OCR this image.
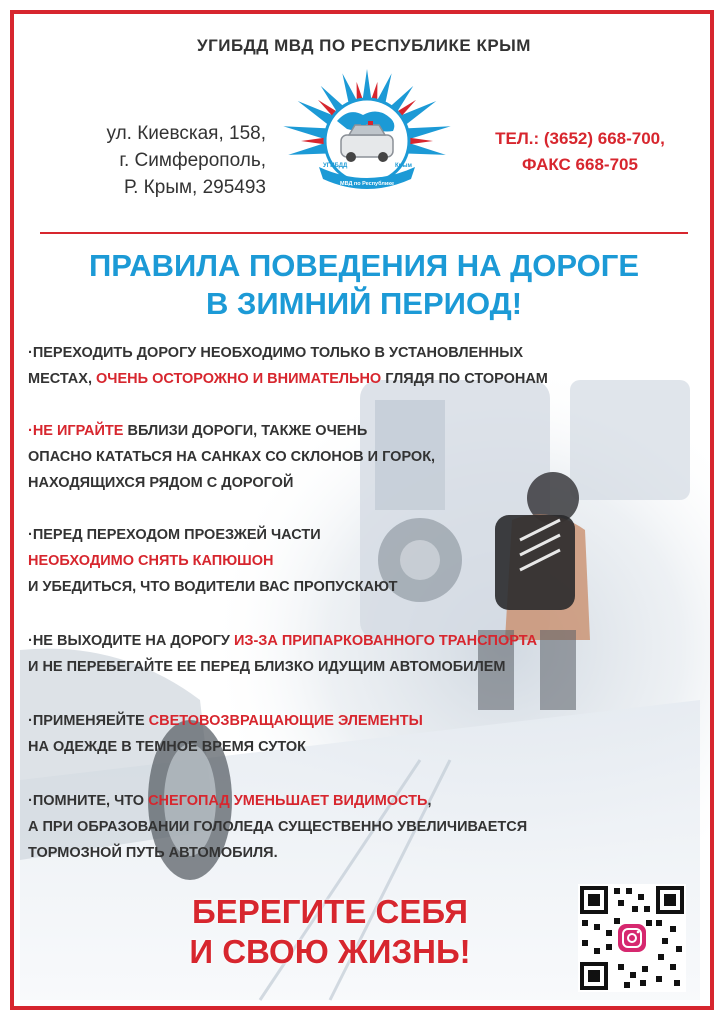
УГИБДД МВД ПО РЕСПУБЛИКЕ КРЫМ
ул. Киевская, 158,
г. Симферополь,
Р. Крым, 295493
УГИБДД
МВД по Республике
Крым
ТЕЛ.: (3652) 668-700,
ФАКС 668-705
ПРАВИЛА ПОВЕДЕНИЯ НА ДОРОГЕ
В ЗИМНИЙ ПЕРИОД!

·ПЕРЕХОДИТЬ ДОРОГУ НЕОБХОДИМО ТОЛЬКО В УСТАНОВЛЕННЫХ

МЕСТАХ, ОЧЕНЬ ОСТОРОЖНО И ВНИМАТЕЛЬНО ГЛЯДЯ ПО СТОРОНАМ

·НЕ ИГРАЙТЕ ВБЛИЗИ ДОРОГИ, ТАКЖЕ ОЧЕНЬ

ОПАСНО КАТАТЬСЯ НА САНКАХ СО СКЛОНОВ И ГОРОК,

НАХОДЯЩИХСЯ РЯДОМ С ДОРОГОЙ

·ПЕРЕД ПЕРЕХОДОМ ПРОЕЗЖЕЙ ЧАСТИ

НЕОБХОДИМО СНЯТЬ КАПЮШОН

И УБЕДИТЬСЯ, ЧТО ВОДИТЕЛИ ВАС ПРОПУСКАЮТ

·НЕ ВЫХОДИТЕ НА ДОРОГУ ИЗ-ЗА ПРИПАРКОВАННОГО ТРАНСПОРТА

И НЕ ПЕРЕБЕГАЙТЕ ЕЕ ПЕРЕД БЛИЗКО ИДУЩИМ АВТОМОБИЛЕМ

·ПРИМЕНЯЕЙТЕ СВЕТОВОЗВРАЩАЮЩИЕ ЭЛЕМЕНТЫ

НА ОДЕЖДЕ В ТЕМНОЕ ВРЕМЯ СУТОК

·ПОМНИТЕ, ЧТО СНЕГОПАД УМЕНЬШАЕТ ВИДИМОСТЬ,

А ПРИ ОБРАЗОВАНИИ ГОЛОЛЕДА СУЩЕСТВЕННО УВЕЛИЧИВАЕТСЯ

ТОРМОЗНОЙ ПУТЬ АВТОМОБИЛЯ.

БЕРЕГИТЕ СЕБЯ
И СВОЮ ЖИЗНЬ!
